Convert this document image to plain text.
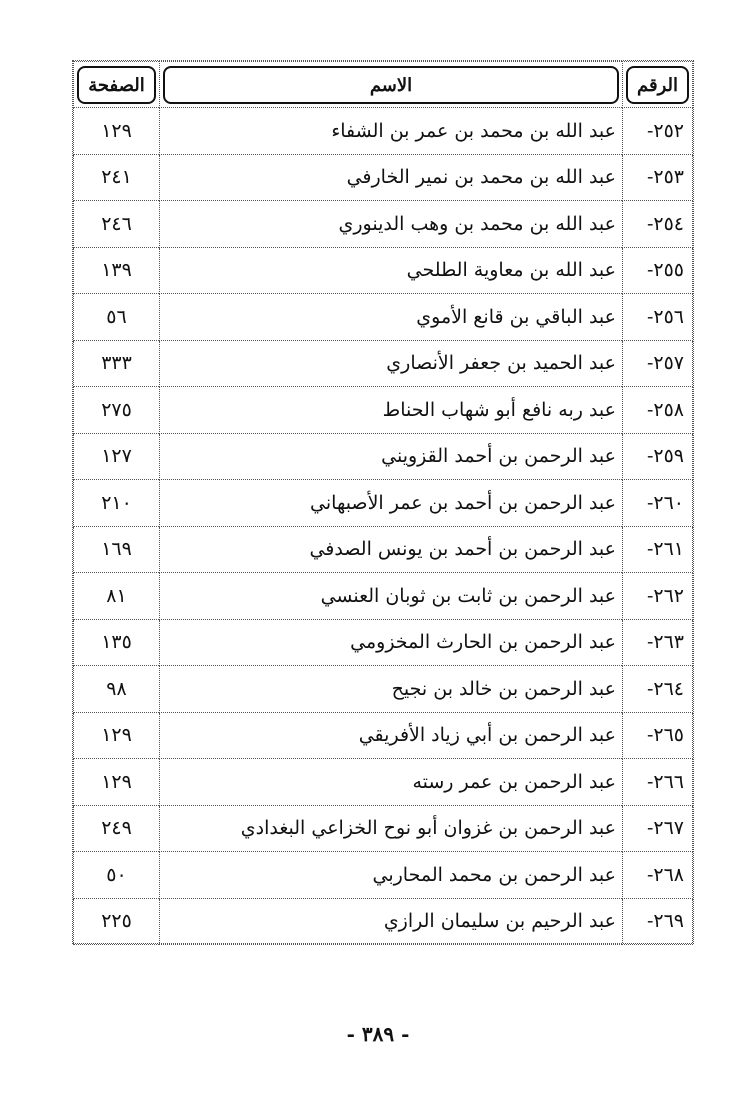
الرقم	الاسم	الصفحة

٢٥٢-	عبد الله بن محمد بن عمر بن الشفاء	١٢٩
٢٥٣-	عبد الله بن محمد بن نمير الخارفي	٢٤١
٢٥٤-	عبد الله بن محمد بن وهب الدينوري	٢٤٦
٢٥٥-	عبد الله بن معاوية الطلحي	١٣٩
٢٥٦-	عبد الباقي بن قانع الأموي	٥٦
٢٥٧-	عبد الحميد بن جعفر الأنصاري	٣٣٣
٢٥٨-	عبد ربه نافع أبو شهاب الحناط	٢٧٥
٢٥٩-	عبد الرحمن بن أحمد القزويني	١٢٧
٢٦٠-	عبد الرحمن بن أحمد بن عمر الأصبهاني	٢١٠
٢٦١-	عبد الرحمن بن أحمد بن يونس الصدفي	١٦٩
٢٦٢-	عبد الرحمن بن ثابت بن ثوبان العنسي	٨١
٢٦٣-	عبد الرحمن بن الحارث المخزومي	١٣٥
٢٦٤-	عبد الرحمن بن خالد بن نجيح	٩٨
٢٦٥-	عبد الرحمن بن أبي زياد الأفريقي	١٢٩
٢٦٦-	عبد الرحمن بن عمر رسته	١٢٩
٢٦٧-	عبد الرحمن بن غزوان أبو نوح الخزاعي البغدادي	٢٤٩
٢٦٨-	عبد الرحمن بن محمد المحاربي	٥٠
٢٦٩-	عبد الرحيم بن سليمان الرازي	٢٢٥
- ٣٨٩ -
